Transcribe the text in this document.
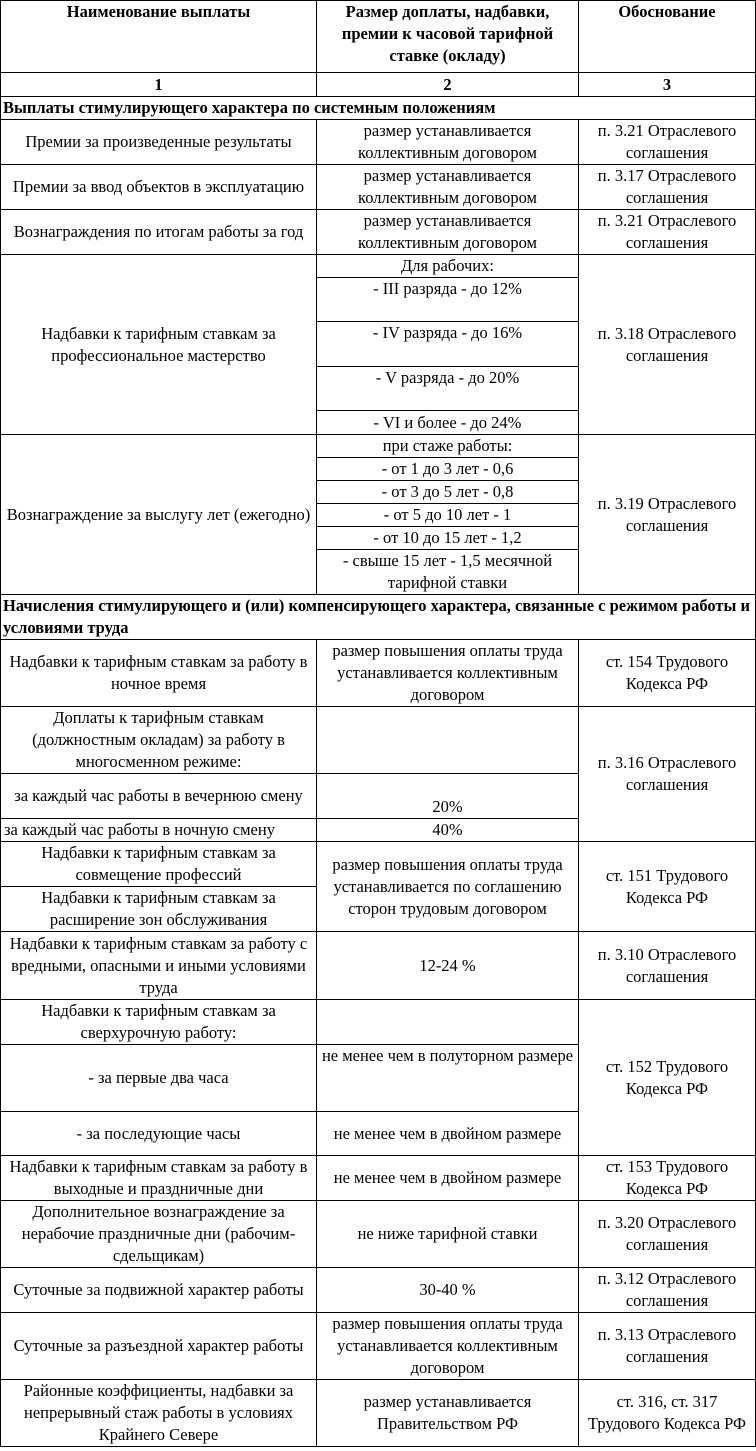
Наименование выплаты	Размер доплаты, надбавки, премии к часовой тарифной ставке (окладу)	Обоснование
1	2	3
Выплаты стимулирующего характера по системным положениям		
Премии за произведенные результаты	размер устанавливается коллективным договором	п. 3.21 Отраслевого соглашения
Премии за ввод объектов в эксплуатацию	размер устанавливается коллективным договором	п. 3.17 Отраслевого соглашения
Вознаграждения по итогам работы за год	размер устанавливается коллективным договором	п. 3.21 Отраслевого соглашения
Надбавки к тарифным ставкам за профессиональное мастерство	Для рабочих:	п. 3.18 Отраслевого соглашения
	- III разряда - до 12%	
	- IV разряда - до 16%	
	- V разряда - до 20%	
	- VI и более - до 24%	
Вознаграждение за выслугу лет (ежегодно)	при стаже работы:	п. 3.19 Отраслевого соглашения
	- от 1 до 3 лет - 0,6	
	- от 3 до 5 лет - 0,8	
	- от 5 до 10 лет - 1	
	- от 10 до 15 лет - 1,2	
	- свыше 15 лет - 1,5 месячной тарифной ставки	
Начисления стимулирующего и (или) компенсирующего характера, связанные с режимом работы и условиями труда		
Надбавки к тарифным ставкам за работу в ночное время	размер повышения оплаты труда устанавливается коллективным договором	ст. 154 Трудового Кодекса РФ
Доплаты к тарифным ставкам (должностным окладам) за работу в многосменном режиме:		п. 3.16 Отраслевого соглашения
за каждый час работы в вечернюю смену	20%	
за каждый час работы в ночную смену	40%	
Надбавки к тарифным ставкам за совмещение профессий	размер повышения оплаты труда устанавливается по соглашению сторон трудовым договором	ст. 151 Трудового Кодекса РФ
Надбавки к тарифным ставкам за расширение зон обслуживания		
Надбавки к тарифным ставкам за работу с вредными, опасными и иными условиями труда	12-24 %	п. 3.10 Отраслевого соглашения
Надбавки к тарифным ставкам за сверхурочную работу:		ст. 152 Трудового Кодекса РФ
- за первые два часа	не менее чем в полуторном размере	
- за последующие часы	не менее чем в двойном размере	
Надбавки к тарифным ставкам за работу в выходные и праздничные дни	не менее чем в двойном размере	ст. 153 Трудового Кодекса РФ
Дополнительное вознаграждение за нерабочие праздничные дни (рабочим-сдельщикам)	не ниже тарифной ставки	п. 3.20 Отраслевого соглашения
Суточные за подвижной характер работы	30-40 %	п. 3.12 Отраслевого соглашения
Суточные за разъездной характер работы	размер повышения оплаты труда устанавливается коллективным договором	п. 3.13 Отраслевого соглашения
Районные коэффициенты, надбавки за непрерывный стаж работы в условиях Крайнего Севере	размер устанавливается Правительством РФ	ст. 316, ст. 317 Трудового Кодекса РФ
